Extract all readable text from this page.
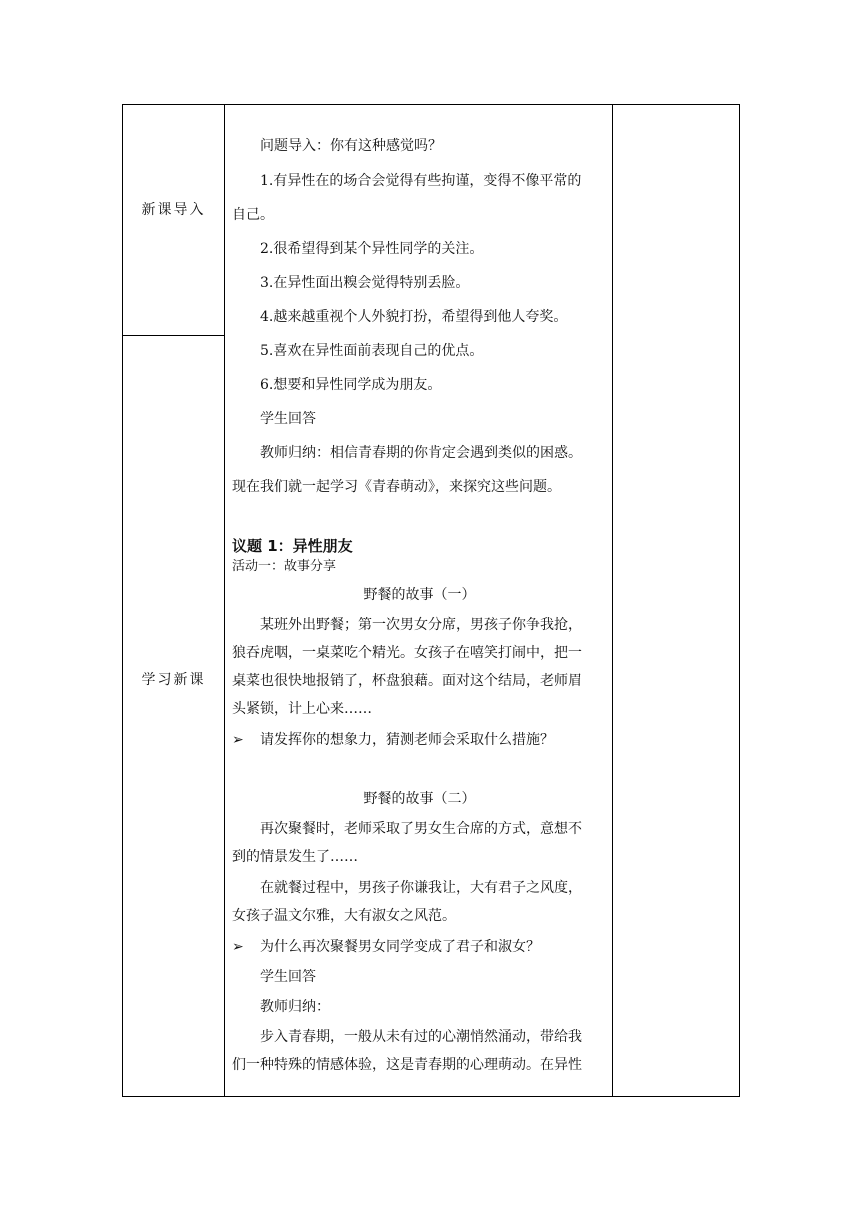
新课导入
学习新课
问题导入：你有这种感觉吗？
1.有异性在的场合会觉得有些拘谨，变得不像平常的
自己。
2.很希望得到某个异性同学的关注。
3.在异性面出糗会觉得特别丢脸。
4.越来越重视个人外貌打扮，希望得到他人夸奖。
5.喜欢在异性面前表现自己的优点。
6.想要和异性同学成为朋友。
学生回答
教师归纳：相信青春期的你肯定会遇到类似的困惑。
现在我们就一起学习《青春萌动》，来探究这些问题。
议题 1：异性朋友
活动一：故事分享
野餐的故事（一）
某班外出野餐；第一次男女分席，男孩子你争我抢，
狼吞虎咽，一桌菜吃个精光。女孩子在嘻笑打闹中，把一
桌菜也很快地报销了，杯盘狼藉。面对这个结局，老师眉
头紧锁，计上心来……
➢ 请发挥你的想象力，猜测老师会采取什么措施？
野餐的故事（二）
再次聚餐时，老师采取了男女生合席的方式，意想不
到的情景发生了……
在就餐过程中，男孩子你谦我让，大有君子之风度，
女孩子温文尔雅，大有淑女之风范。
➢ 为什么再次聚餐男女同学变成了君子和淑女？
学生回答
教师归纳：
步入青春期，一般从未有过的心潮悄然涌动，带给我
们一种特殊的情感体验，这是青春期的心理萌动。在异性
